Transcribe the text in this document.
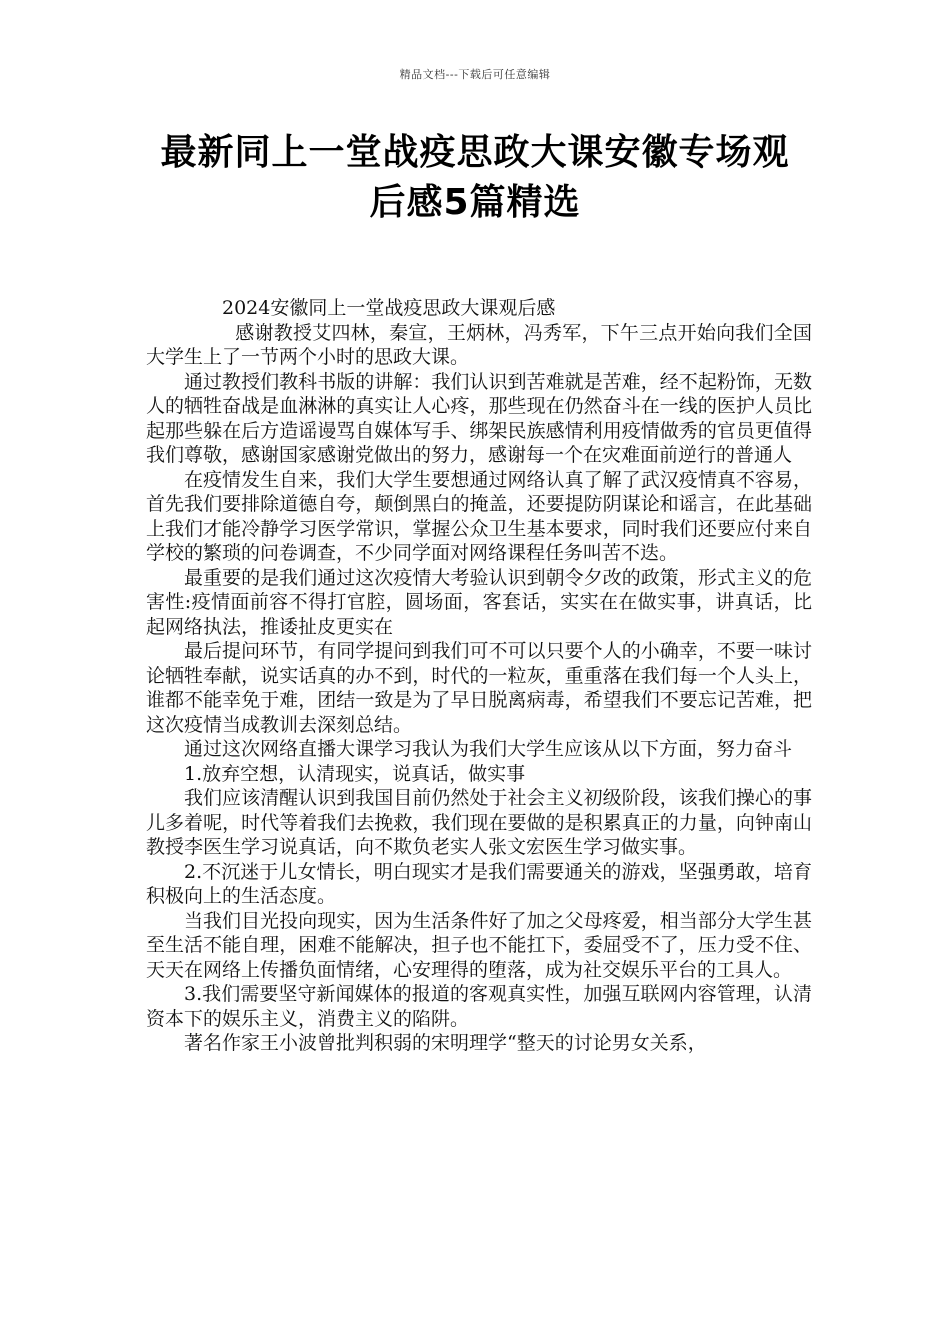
精品文档---下载后可任意编辑
最新同上一堂战疫思政大课安徽专场观
后感5篇精选

2024安徽同上一堂战疫思政大课观后感

感谢教授艾四林，秦宣，王炳林，冯秀军，下午三点开始向我们全国大学生上了一节两个小时的思政大课。

通过教授们教科书版的讲解：我们认识到苦难就是苦难，经不起粉饰，无数人的牺牲奋战是血淋淋的真实让人心疼，那些现在仍然奋斗在一线的医护人员比起那些躲在后方造谣谩骂自媒体写手、绑架民族感情利用疫情做秀的官员更值得我们尊敬，感谢国家感谢党做出的努力，感谢每一个在灾难面前逆行的普通人

在疫情发生自来，我们大学生要想通过网络认真了解了武汉疫情真不容易，首先我们要排除道德自夸，颠倒黑白的掩盖，还要提防阴谋论和谣言，在此基础上我们才能冷静学习医学常识，掌握公众卫生基本要求，同时我们还要应付来自学校的繁琐的问卷调查，不少同学面对网络课程任务叫苦不迭。

最重要的是我们通过这次疫情大考验认识到朝令夕改的政策，形式主义的危害性:疫情面前容不得打官腔，圆场面，客套话，实实在在做实事，讲真话，比起网络执法，推诿扯皮更实在

最后提问环节，有同学提问到我们可不可以只要个人的小确幸，不要一味讨论牺牲奉献，说实话真的办不到，时代的一粒灰，重重落在我们每一个人头上，谁都不能幸免于难，团结一致是为了早日脱离病毒，希望我们不要忘记苦难，把这次疫情当成教训去深刻总结。

通过这次网络直播大课学习我认为我们大学生应该从以下方面，努力奋斗

1.放弃空想，认清现实，说真话，做实事

我们应该清醒认识到我国目前仍然处于社会主义初级阶段，该我们操心的事儿多着呢，时代等着我们去挽救，我们现在要做的是积累真正的力量，向钟南山教授李医生学习说真话，向不欺负老实人张文宏医生学习做实事。

2.不沉迷于儿女情长，明白现实才是我们需要通关的游戏，坚强勇敢，培育积极向上的生活态度。

当我们目光投向现实，因为生活条件好了加之父母疼爱，相当部分大学生甚至生活不能自理，困难不能解决，担子也不能扛下，委屈受不了，压力受不住、天天在网络上传播负面情绪，心安理得的堕落，成为社交娱乐平台的工具人。

3.我们需要坚守新闻媒体的报道的客观真实性，加强互联网内容管理，认清资本下的娱乐主义，消费主义的陷阱。

著名作家王小波曾批判积弱的宋明理学“整天的讨论男女关系，
